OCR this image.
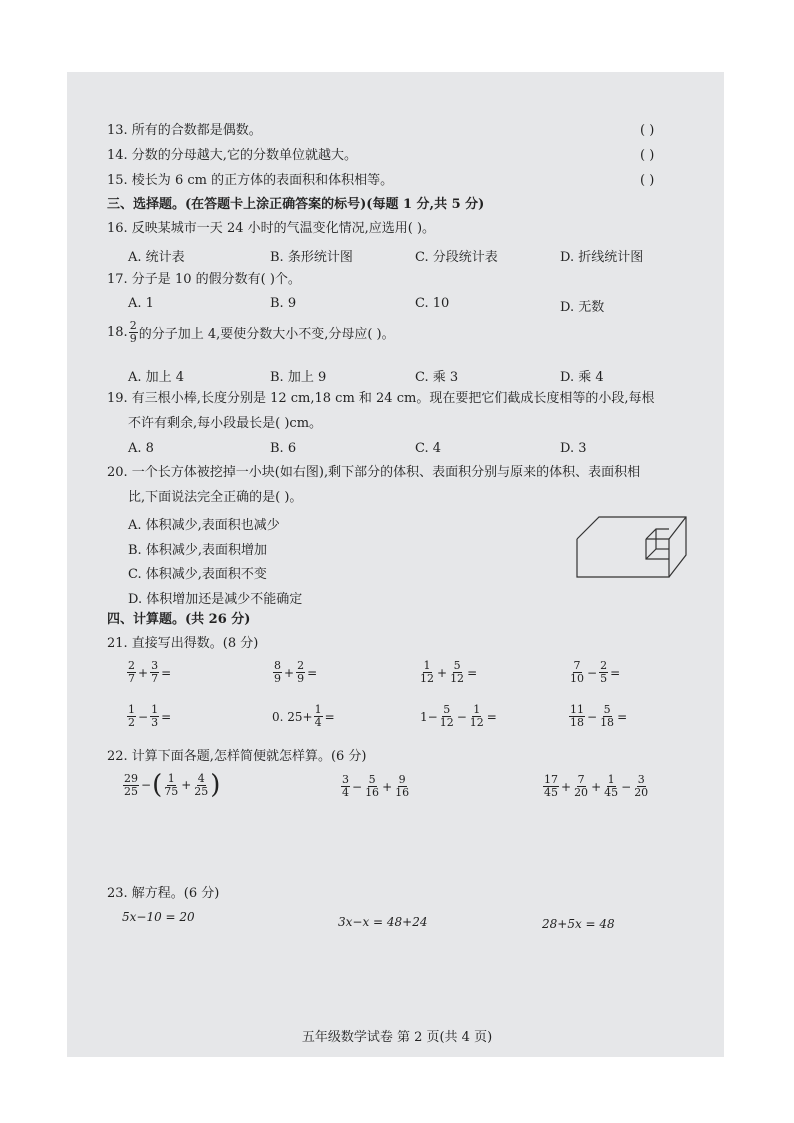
13. 所有的合数都是偶数。	( )
14. 分数的分母越大,它的分数单位就越大。	( )
15. 棱长为 6 cm 的正方体的表面积和体积相等。	( )
三、选择题。(在答题卡上涂正确答案的标号)(每题 1 分,共 5 分)
16. 反映某城市一天 24 小时的气温变化情况,应选用( )。
A. 统计表	B. 条形统计图	C. 分段统计表	D. 折线统计图
17. 分子是 10 的假分数有( )个。
A. 1	B. 9	C. 10	D. 无数
18. $\frac{2}{9}$ 的分子加上 4,要使分数大小不变,分母应( )。
A. 加上 4	B. 加上 9	C. 乘 3	D. 乘 4
19. 有三根小棒,长度分别是 12 cm,18 cm 和 24 cm。现在要把它们截成长度相等的小段,每根
不许有剩余,每小段最长是( )cm。
A. 8	B. 6	C. 4	D. 3
20. 一个长方体被挖掉一小块(如右图),剩下部分的体积、表面积分别与原来的体积、表面积相
比,下面说法完全正确的是( )。
A. 体积减少,表面积也减少
B. 体积减少,表面积增加
C. 体积减少,表面积不变
D. 体积增加还是减少不能确定
四、计算题。(共 26 分)
21. 直接写出得数。(8 分)
$\frac{2}{7} + \frac{3}{7}$ =	$\frac{8}{9} + \frac{2}{9}$ =	$\frac{1}{12} + \frac{5}{12}$ =	$\frac{7}{10} - \frac{2}{5}$ =
$\frac{1}{2} - \frac{1}{3}$ =	0. $25+ \frac{1}{4}$ =	$1- \frac{5}{12} - \frac{1}{12}$ =	$\frac{11}{18} - \frac{5}{18}$ =
22. 计算下面各题,怎样简便就怎样算。(6 分)
$\frac{29}{25}$ − ( $\frac{1}{75} + \frac{4}{25}$ )	$\frac{3}{4} - \frac{5}{16} + \frac{9}{16}$	$\frac{17}{45} + \frac{7}{20} + \frac{1}{45} - \frac{3}{20}$
23. 解方程。(6 分)
5x−10 = 20	3x−x = 48+24	28+5x = 48
五年级数学试卷 第 2 页(共 4 页)
